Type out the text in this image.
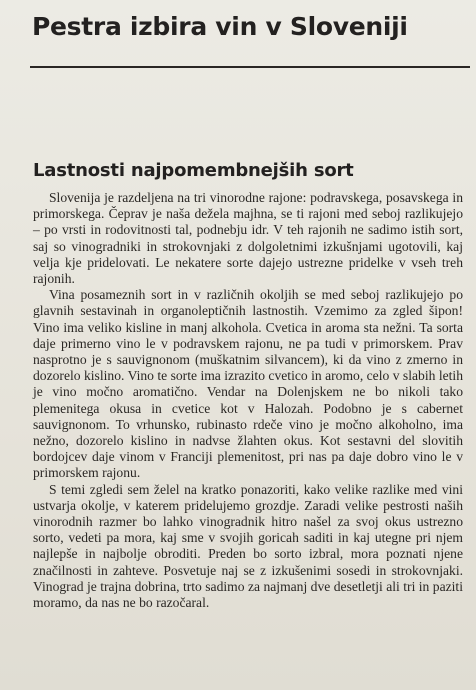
Pestra izbira vin v Sloveniji
Lastnosti najpomembnejših sort

Slovenija je razdeljena na tri vinorodne rajone: podravskega, posavskega in primorskega. Čeprav je naša dežela majhna, se ti rajoni med seboj razlikujejo – po vrsti in rodovitnosti tal, podnebju idr. V teh rajonih ne sadimo istih sort, saj so vinogradniki in strokovnjaki z dolgoletnimi izkušnjami ugotovili, kaj velja kje pridelovati. Le nekatere sorte dajejo ustrezne pridelke v vseh treh rajonih.

Vina posameznih sort in v različnih okoljih se med seboj razlikujejo po glavnih sestavinah in organoleptičnih lastnostih. Vzemimo za zgled šipon! Vino ima veliko kisline in manj alkohola. Cvetica in aroma sta nežni. Ta sorta daje primerno vino le v podravskem rajonu, ne pa tudi v primorskem. Prav nasprotno je s sauvignonom (muškatnim silvancem), ki da vino z zmerno in dozorelo kislino. Vino te sorte ima izrazito cvetico in aromo, celo v slabih letih je vino močno aromatično. Vendar na Dolenjskem ne bo nikoli tako plemenitega okusa in cvetice kot v Halozah. Podobno je s cabernet sauvignonom. To vrhunsko, rubinasto rdeče vino je močno alkoholno, ima nežno, dozorelo kislino in nadvse žlahten okus. Kot sestavni del slovitih bordojcev daje vinom v Franciji plemenitost, pri nas pa daje dobro vino le v primorskem rajonu.

S temi zgledi sem želel na kratko ponazoriti, kako velike razlike med vini ustvarja okolje, v katerem pridelujemo grozdje. Zaradi velike pestrosti naših vinorodnih razmer bo lahko vinogradnik hitro našel za svoj okus ustrezno sorto, vedeti pa mora, kaj sme v svojih goricah saditi in kaj utegne pri njem najlepše in najbolje obroditi. Preden bo sorto izbral, mora poznati njene značilnosti in zahteve. Posvetuje naj se z izkušenimi sosedi in strokovnjaki. Vinograd je trajna dobrina, trto sadimo za najmanj dve desetletji ali tri in paziti moramo, da nas ne bo razočaral.
